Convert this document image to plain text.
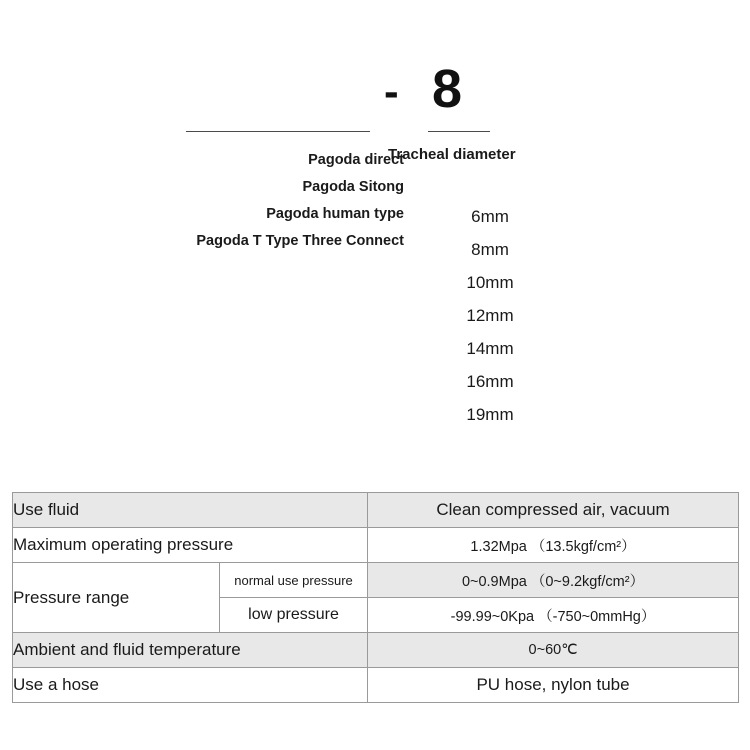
- 8
Tracheal diameter
Pagoda direct
Pagoda Sitong
Pagoda human type
Pagoda T Type Three Connect
6mm
8mm
10mm
12mm
14mm
16mm
19mm
Use fluid		Clean compressed air, vacuum
Maximum operating pressure		1.32Mpa （13.5kgf/cm²）
Pressure range	normal use pressure	0~0.9Mpa （0~9.2kgf/cm²）
	low pressure	-99.99~0Kpa （-750~0mmHg）
Ambient and fluid temperature		0~60℃
Use a hose		PU hose, nylon tube
